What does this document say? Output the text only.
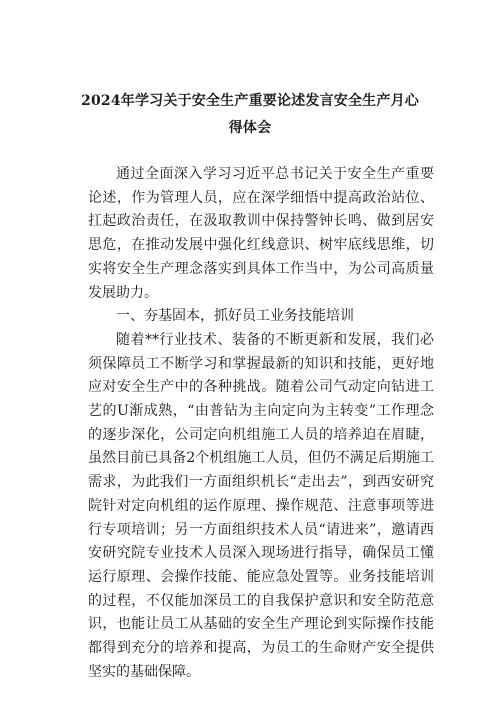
2024年学习关于安全生产重要论述发言安全生产月心
得体会

通过全面深入学习习近平总书记关于安全生产重要论述，作为管理人员，应在深学细悟中提高政治站位、扛起政治责任，在汲取教训中保持警钟长鸣、做到居安思危，在推动发展中强化红线意识、树牢底线思维，切实将安全生产理念落实到具体工作当中，为公司高质量发展助力。

一、夯基固本，抓好员工业务技能培训

随着**行业技术、装备的不断更新和发展，我们必须保障员工不断学习和掌握最新的知识和技能，更好地应对安全生产中的各种挑战。随着公司气动定向钻进工艺的U渐成熟，“由普钻为主向定向为主转变”工作理念的逐步深化，公司定向机组施工人员的培养迫在眉睫，虽然目前已具备2个机组施工人员，但仍不满足后期施工需求，为此我们一方面组织机长“走出去”，到西安研究院针对定向机组的运作原理、操作规范、注意事项等进行专项培训；另一方面组织技术人员“请进来”，邀请西安研究院专业技术人员深入现场进行指导，确保员工懂运行原理、会操作技能、能应急处置等。业务技能培训的过程，不仅能加深员工的自我保护意识和安全防范意识，也能让员工从基础的安全生产理论到实际操作技能都得到充分的培养和提高，为员工的生命财产安全提供坚实的基础保障。
